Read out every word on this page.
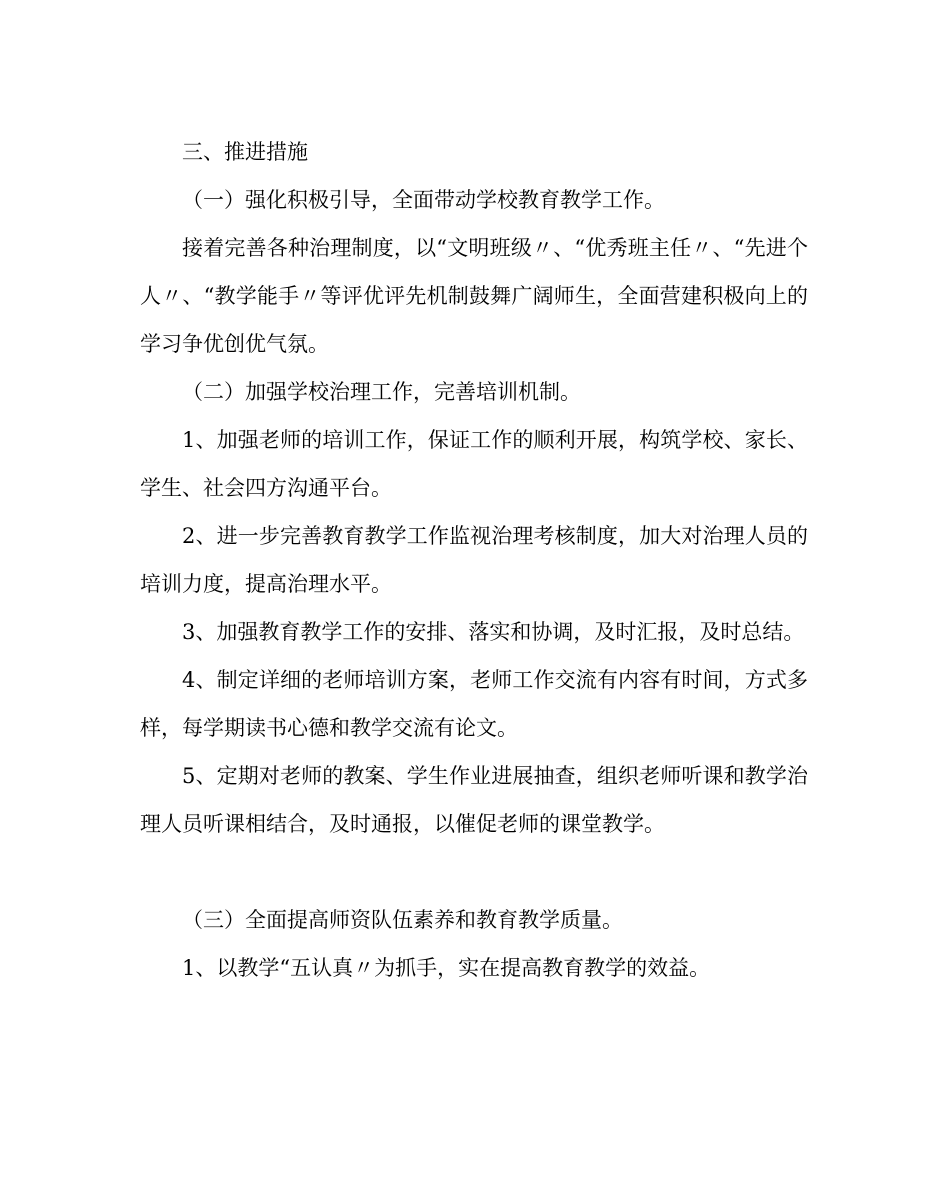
三、推进措施

（一）强化积极引导，全面带动学校教育教学工作。

接着完善各种治理制度，以“文明班级〃、“优秀班主任〃、“先进个人〃、“教学能手〃等评优评先机制鼓舞广阔师生，全面营建积极向上的学习争优创优气氛。

（二）加强学校治理工作，完善培训机制。

1、加强老师的培训工作，保证工作的顺利开展，构筑学校、家长、学生、社会四方沟通平台。

2、进一步完善教育教学工作监视治理考核制度，加大对治理人员的培训力度，提高治理水平。

3、加强教育教学工作的安排、落实和协调，及时汇报，及时总结。

4、制定详细的老师培训方案，老师工作交流有内容有时间，方式多样，每学期读书心德和教学交流有论文。

5、定期对老师的教案、学生作业进展抽查，组织老师听课和教学治理人员听课相结合，及时通报，以催促老师的课堂教学。

（三）全面提高师资队伍素养和教育教学质量。

1、以教学“五认真〃为抓手，实在提高教育教学的效益。
